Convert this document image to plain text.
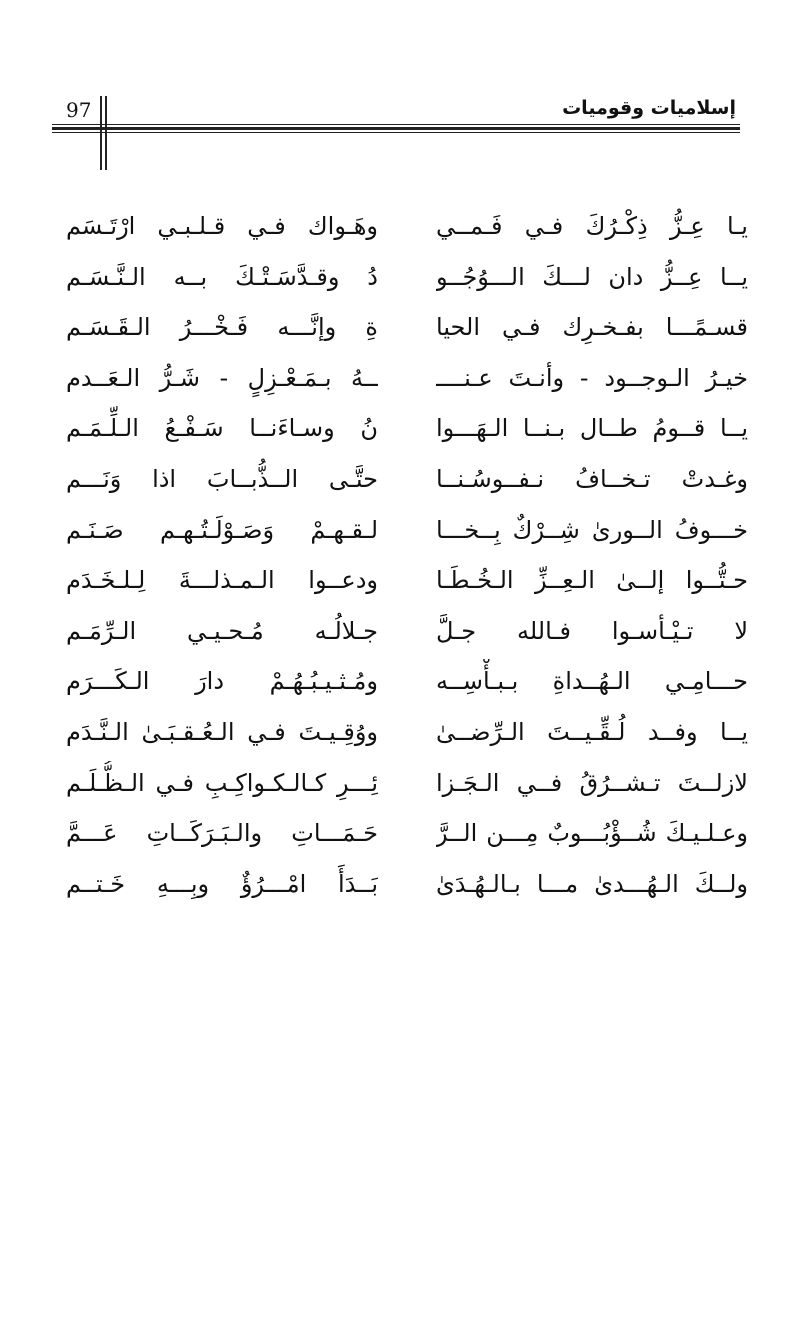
97	إسلاميات وقوميات
يـا عِـزُّ ذِكْـرُكَ فـي فَـمــي
وهَـواك فـي قـلـبـي ارْتَـسَم
يــا عِــزُّ دان لـــكَ الـــوُجُــو
دُ وقـدَّسَـتْـكَ بــه الـنَّـسَـم
قسـمًـــا بفـخـرِك فـي الحيا
ةِ وإنَّـــه فَـخْـــرُ الـقَـسَـم
خيـرُ الـوجــود - وأنـتَ عـنــــ
ــهُ بـمَـعْـزِلٍ - شَـرُّ الـعَــدم
يــا قــومُ طــال بـنــا الـهَـــوا
نُ وسـاءَنــا سَـفْـعُ الـلِّـمَـم
وغـدتْ تـخــافُ نـفــوسُـنــا
حتَّـى الــذُّبــابَ اذا وَنَـــم
خـــوفُ الــورىٰ شِــرْكٌ بِــخـــا
لـقـهـمْ وَصَـوْلَـتُـهـم صَـنَـم
حـتُّــوا إلــىٰ الـعِــزِّ الـخُـطَـا
ودعــوا الـمـذلـــةَ لِـلـخَـدَم
لا تـيْـأسـوا فـالله جـلَّ
جـلالُـه مُـحـيـي الـرِّمَـم
حـــامِـي الـهُــداةِ بـبـأْسِــه
ومُـثـيـبُـهُـمْ دارَ الـكَـــرَم
يــا وفــد لُـقِّـيــتَ الـرِّضــىٰ
ووُقِـيـتَ فـي الـعُـقـبَـىٰ الـنَّـدَم
لازلــتَ تـشــرُقُ فــي الـجَـزا
ئِـــرِ كـالـكـواكِـبِ فـي الـظُّـلَـم
وعـلـيـكَ شُــؤْبُـــوبٌ مِـــن الــرَّ
حَـمَـــاتِ والـبَـرَكَــاتِ عَـــمَّ
ولــكَ الـهُـــدىٰ مـــا بـالـهُـدَىٰ
بَــدَأَ امْـــرُؤٌ وبِـــهِ خَـتــم
